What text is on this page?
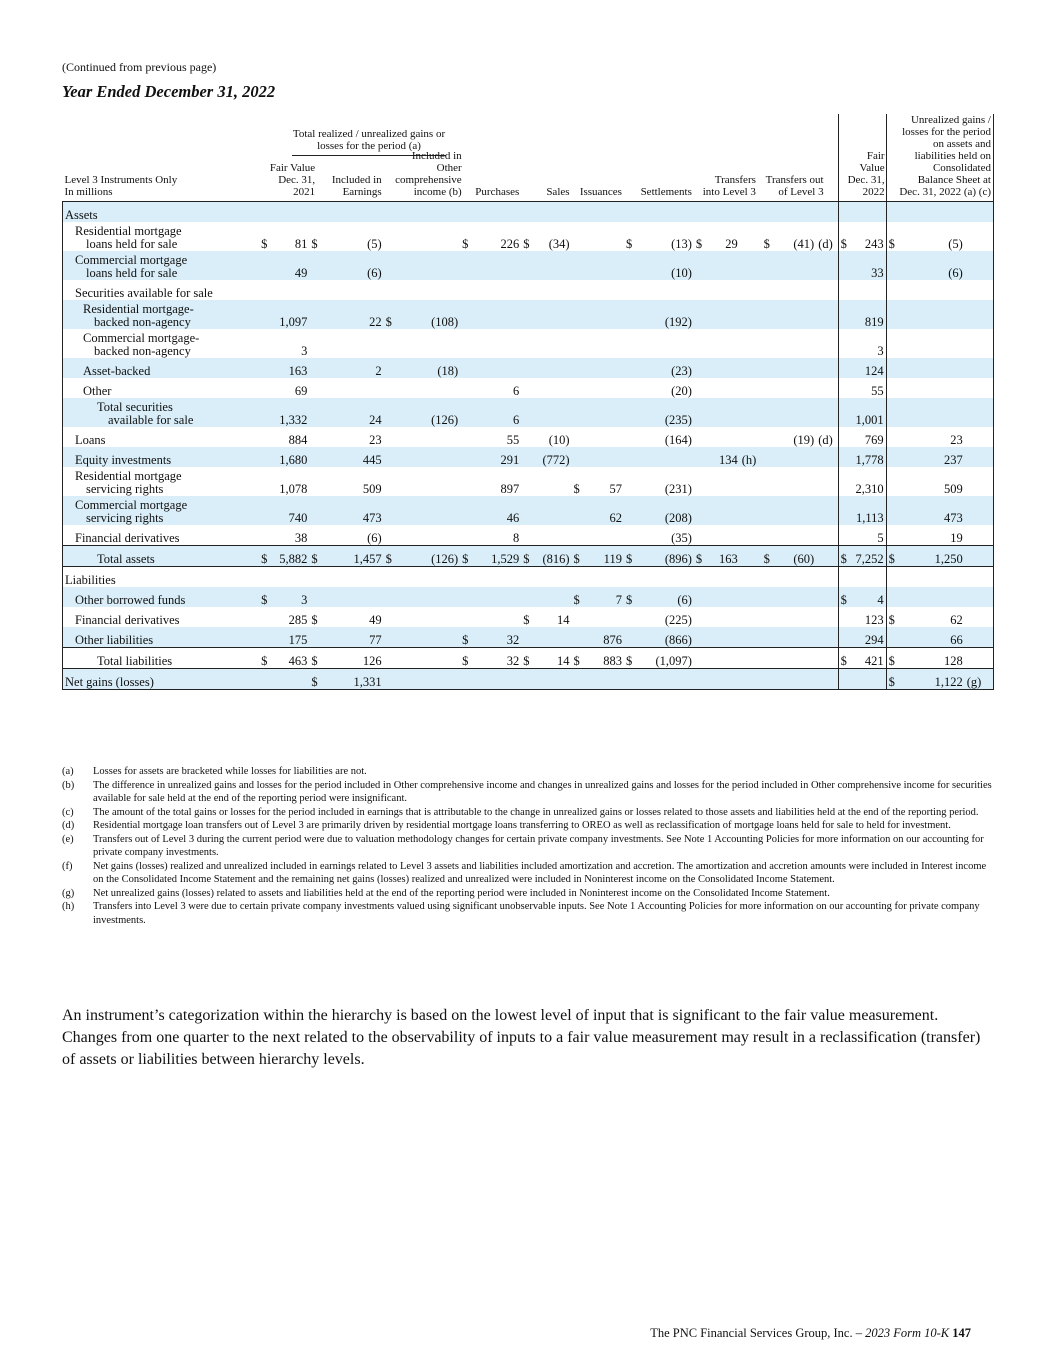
(Continued from previous page)
Year Ended December 31, 2022
Total realized / unrealized gains or losses for the period (a)
Level 3 Instruments Only
In millions	Fair Value Dec. 31, 2021		Included in Earnings		Included in Other comprehensive income (b)		Purchases		Sales		Issuances		Settlements		Transfers into Level 3			Transfers out of Level 3			Fair Value Dec. 31, 2022		Unrealized gains / losses for the period on assets and liabilities held on Consolidated Balance Sheet at Dec. 31, 2022 (a) (c)		

Assets																									

Residential mortgage
loans held for sale	$	81	$	(5)			$	226	$	(34)			$	(13)	$	29		$	(41)	(d)	$	243	$	(5)	

Commercial mortgage
loans held for sale		49		(6)										(10)								33		(6)	
Securities available for sale																									

Residential mortgage-
backed non-agency		1,097		22	$	(108)								(192)								819			

Commercial mortgage-
backed non-agency		3																				3			
Asset-backed		163		2		(18)								(23)								124			
Other		69						6						(20)								55			

Total securities
available for sale		1,332		24		(126)		6						(235)								1,001			
Loans		884		23				55		(10)				(164)					(19)	(d)		769		23	
Equity investments		1,680		445				291		(772)						134	(h)					1,778		237	

Residential mortgage
servicing rights		1,078		509				897			$	57		(231)								2,310		509	

Commercial mortgage
servicing rights		740		473				46				62		(208)								1,113		473	
Financial derivatives		38		(6)				8						(35)								5		19	
Total assets	$	5,882	$	1,457	$	(126)	$	1,529	$	(816)	$	119	$	(896)	$	163		$	(60)		$	7,252	$	1,250	
Liabilities																									
Other borrowed funds	$	3									$	7	$	(6)							$	4			
Financial derivatives		285	$	49					$	14				(225)								123	$	62	
Other liabilities		175		77			$	32				876		(866)								294		66	
Total liabilities	$	463	$	126			$	32	$	14	$	883	$	(1,097)							$	421	$	128	
Net gains (losses)			$	1,331																			$	1,122	(g)
(a)	Losses for assets are bracketed while losses for liabilities are not.
(b)	The difference in unrealized gains and losses for the period included in Other comprehensive income and changes in unrealized gains and losses for the period included in Other comprehensive income for securities available for sale held at the end of the reporting period were insignificant.
(c)	The amount of the total gains or losses for the period included in earnings that is attributable to the change in unrealized gains or losses related to those assets and liabilities held at the end of the reporting period.
(d)	Residential mortgage loan transfers out of Level 3 are primarily driven by residential mortgage loans transferring to OREO as well as reclassification of mortgage loans held for sale to held for investment.
(e)	Transfers out of Level 3 during the current period were due to valuation methodology changes for certain private company investments. See Note 1 Accounting Policies for more information on our accounting for private company investments.
(f)	Net gains (losses) realized and unrealized included in earnings related to Level 3 assets and liabilities included amortization and accretion. The amortization and accretion amounts were included in Interest income on the Consolidated Income Statement and the remaining net gains (losses) realized and unrealized were included in Noninterest income on the Consolidated Income Statement.
(g)	Net unrealized gains (losses) related to assets and liabilities held at the end of the reporting period were included in Noninterest income on the Consolidated Income Statement.
(h)	Transfers into Level 3 were due to certain private company investments valued using significant unobservable inputs. See Note 1 Accounting Policies for more information on our accounting for private company investments.
An instrument’s categorization within the hierarchy is based on the lowest level of input that is significant to the fair value measurement. Changes from one quarter to the next related to the observability of inputs to a fair value measurement may result in a reclassification (transfer) of assets or liabilities between hierarchy levels.
The PNC Financial Services Group, Inc. – 2023 Form 10-K 147
